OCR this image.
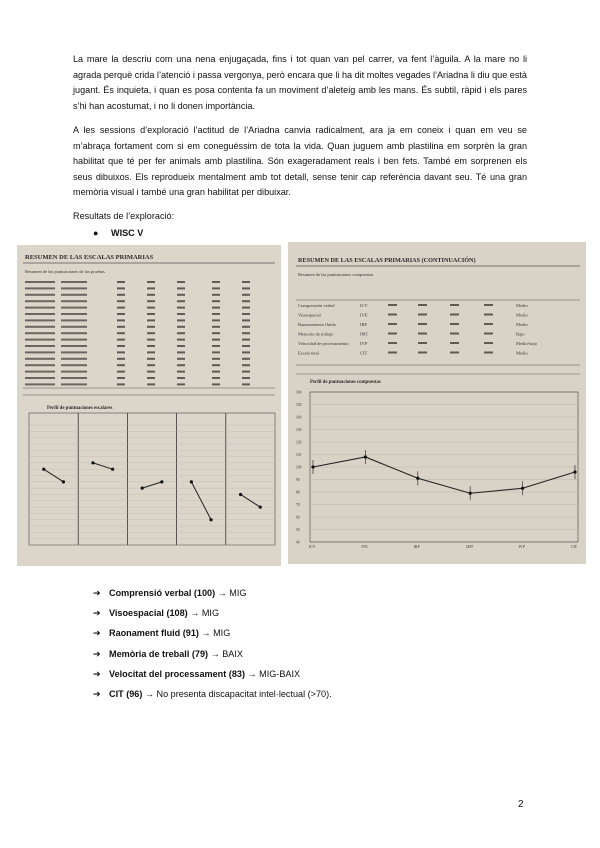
La mare la descriu com una nena enjugaçada, fins i tot quan van pel carrer, va fent l’àguila. A la mare no li agrada perquè crida l’atenció i passa vergonya, però encara que li ha dit moltes vegades l’Ariadna li diu que està jugant. És inquieta, i quan es posa contenta fa un moviment d’aleteig amb les mans. És subtil, ràpid i els pares s’hi han acostumat, i no li donen importància.

A les sessions d’exploració l’actitud de l’Ariadna canvia radicalment, ara ja em coneix i quan em veu se m’abraça fortament com si em coneguéssim de tota la vida. Quan juguem amb plastilina em sorprèn la gran habilitat que té per fer animals amb plastilina. Són exageradament reals i ben fets. També em sorprenen els seus dibuixos. Els reprodueix mentalment amb tot detall, sense tenir cap referència davant seu. Té una gran memòria visual i també una gran habilitat per dibuixar.

Resultats de l’exploració:
● WISC V
RESUMEN DE LAS ESCALAS PRIMARIAS
Resumen de las puntuaciones de las pruebas
Perfil de puntuaciones escalares
RESUMEN DE LAS ESCALAS PRIMARIAS (CONTINUACIÓN)
Resumen de las puntuaciones compuestas
Comprensión verbal	ICV	Medio
Visoespacial	IVE	Medio
Razonamiento fluido	IRF	Medio
Memoria de trabajo	IMT	Bajo
Velocidad de procesamiento	IVP	Medio-bajo
Escala total	CIT	Medio
Perfil de puntuaciones compuestas
160
150
140
130
120
110
100
90
80
70
60
50
40
ICV	IVE	IRF	IMT	IVP	CIT
➔ Comprensió verbal (100) → MIG
➔ Visoespacial (108) → MIG
➔ Raonament fluid (91) → MIG
➔ Memòria de treball (79) → BAIX
➔ Velocitat del processament (83) → MIG-BAIX
➔ CIT (96) → No presenta discapacitat intel·lectual (>70).
2
